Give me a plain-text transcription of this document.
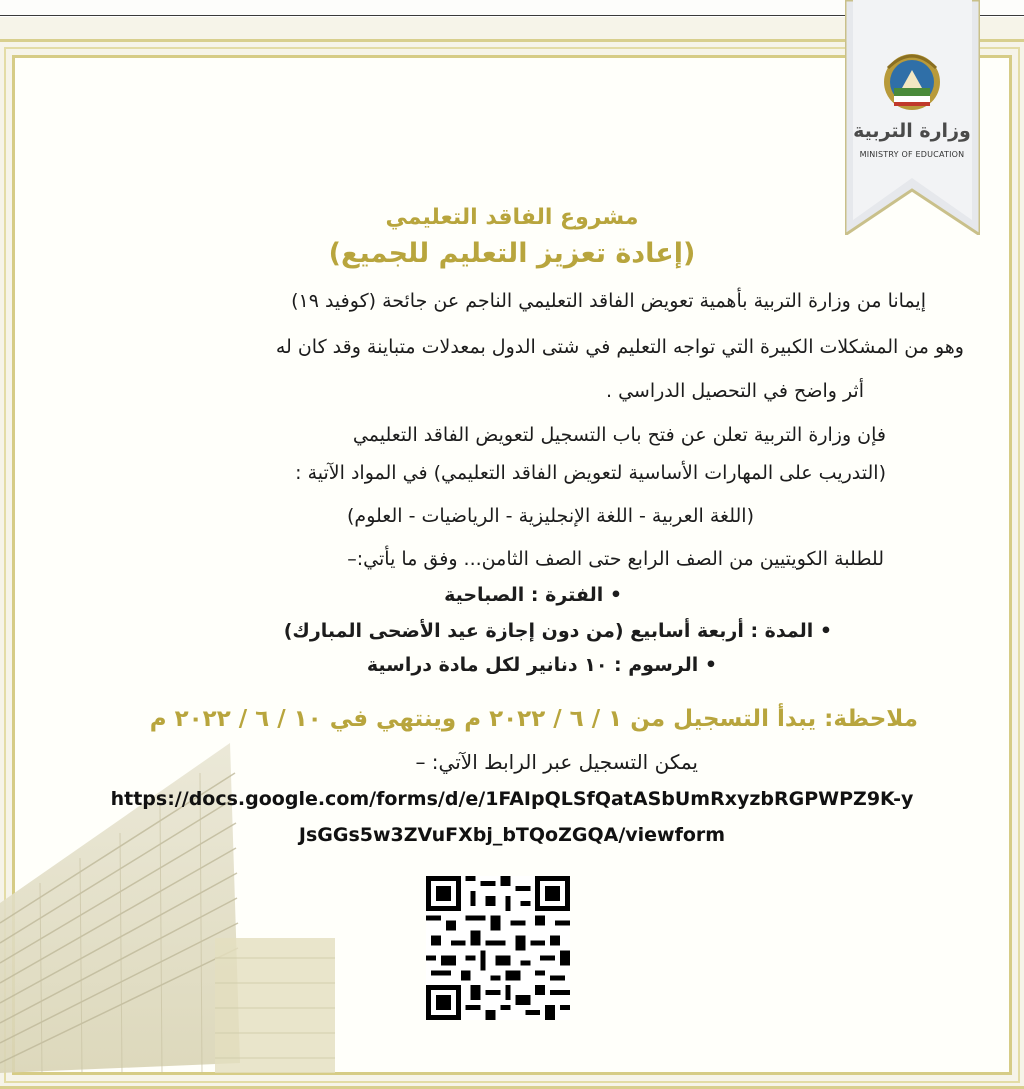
وزارة التربية
MINISTRY OF EDUCATION
مشروع الفاقد التعليمي
(إعادة تعزيز التعليم للجميع)
إيمانا من وزارة التربية بأهمية تعويض الفاقد التعليمي الناجم عن جائحة (كوفيد ١٩)
وهو من المشكلات الكبيرة التي تواجه التعليم في شتى الدول بمعدلات متباينة وقد كان له
أثر واضح في التحصيل الدراسي .
فإن وزارة التربية تعلن عن فتح باب التسجيل لتعويض الفاقد التعليمي
(التدريب على المهارات الأساسية لتعويض الفاقد التعليمي) في المواد الآتية :
(اللغة العربية - اللغة الإنجليزية - الرياضيات - العلوم)
للطلبة الكويتيين من الصف الرابع حتى الصف الثامن... وفق ما يأتي:–
• الفترة : الصباحية
• المدة : أربعة أسابيع (من دون إجازة عيد الأضحى المبارك)
• الرسوم : ١٠ دنانير لكل مادة دراسية
ملاحظة: يبدأ التسجيل من ١ / ٦ / ٢٠٢٢ م وينتهي في ١٠ / ٦ / ٢٠٢٢ م
يمكن التسجيل عبر الرابط الآتي: –
https://docs.google.com/forms/d/e/1FAIpQLSfQatASbUmRxyzbRGPWPZ9K-y
JsGGs5w3ZVuFXbj_bTQoZGQA/viewform
